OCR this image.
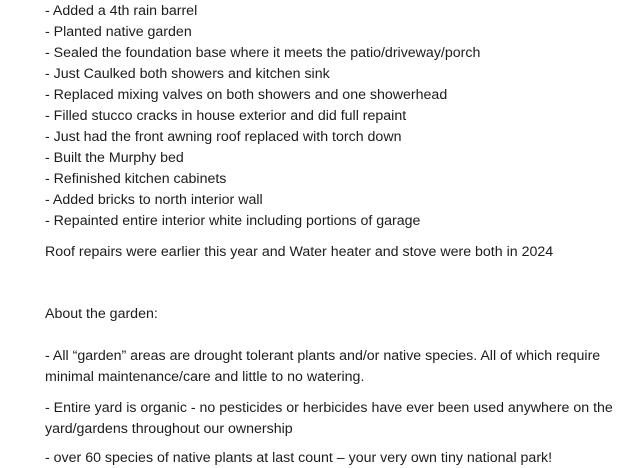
- Added a 4th rain barrel
- Planted native garden
- Sealed the foundation base where it meets the patio/driveway/porch
- Just Caulked both showers and kitchen sink
- Replaced mixing valves on both showers and one showerhead
- Filled stucco cracks in house exterior and did full repaint
- Just had the front awning roof replaced with torch down
- Built the Murphy bed
- Refinished kitchen cabinets
- Added bricks to north interior wall
- Repainted entire interior white including portions of garage
Roof repairs were earlier this year and Water heater and stove were both in 2024
About the garden:
- All “garden” areas are drought tolerant plants and/or native species. All of which require minimal maintenance/care and little to no watering.
- Entire yard is organic - no pesticides or herbicides have ever been used anywhere on the yard/gardens throughout our ownership
- over 60 species of native plants at last count – your very own tiny national park!
